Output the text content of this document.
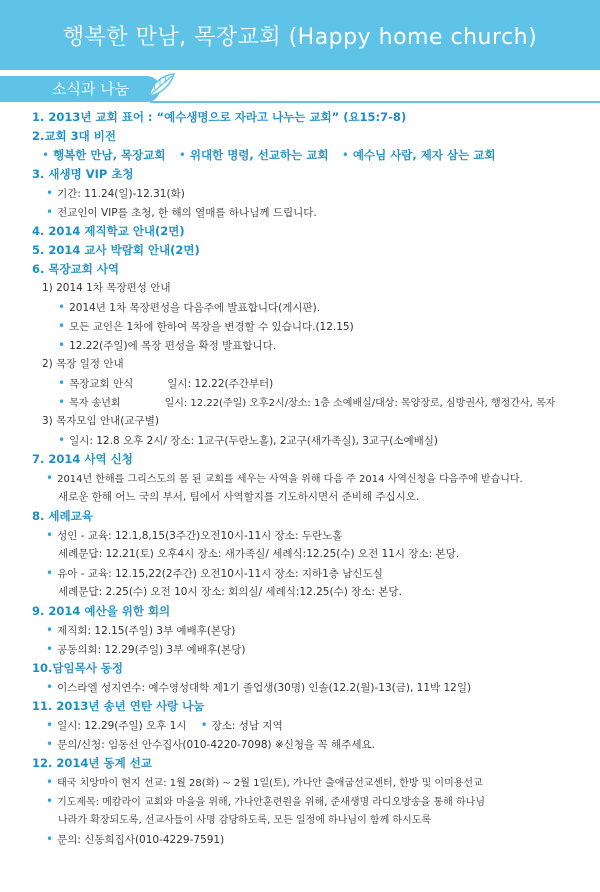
행복한 만남, 목장교회 (Happy home church)
소식과 나눔
1. 2013년 교회 표어 : “예수생명으로 자라고 나누는 교회” (요15:7-8)
2.교회 3대 비전
• 행복한 만남, 목장교회 • 위대한 명령, 선교하는 교회 • 예수님 사람, 제자 삼는 교회
3. 새생명 VIP 초청
• 기간: 11.24(일)-12.31(화)
• 전교인이 VIP를 초청, 한 해의 열매를 하나님께 드립니다.
4. 2014 제직학교 안내(2면)
5. 2014 교사 박람회 안내(2면)
6. 목장교회 사역
1) 2014 1차 목장편성 안내
• 2014년 1차 목장편성을 다음주에 발표합니다(게시판).
• 모든 교인은 1차에 한하여 목장을 변경할 수 있습니다.(12.15)
• 12.22(주일)에 목장 편성을 확정 발표합니다.
2) 목장 일정 안내
• 목장교회 안식	일시: 12.22(주간부터)
• 목자 송년회	일시: 12.22(주일) 오후2시/장소: 1층 소예배실/대상: 목양장로, 심방권사, 행정간사, 목자
3) 목자모임 안내(교구별)
• 일시: 12.8 오후 2시/ 장소: 1교구(두란노홀), 2교구(새가족실), 3교구(소예배실)
7. 2014 사역 신청
• 2014년 한해를 그리스도의 몸 된 교회를 세우는 사역을 위해 다음 주 2014 사역신청을 다음주에 받습니다.
새로운 한해 어느 국의 부서, 팀에서 사역할지를 기도하시면서 준비해 주십시오.
8. 세례교육
• 성인 - 교육: 12.1,8,15(3주간)오전10시-11시 장소: 두란노홀
세례문답: 12.21(토) 오후4시 장소: 새가족실/ 세례식:12.25(수) 오전 11시 장소: 본당.
• 유아 - 교육: 12.15,22(2주간) 오전10시-11시 장소: 지하1층 남신도실
세례문답: 2.25(수) 오전 10시 장소: 회의실/ 세례식:12.25(수) 장소: 본당.
9. 2014 예산을 위한 회의
• 제직회: 12.15(주일) 3부 예배후(본당)
• 공동의회: 12.29(주일) 3부 예배후(본당)
10.담임목사 동정
• 이스라엘 성지연수: 예수영성대학 제1기 졸업생(30명) 인솔(12.2(월)-13(금), 11박 12일)
11. 2013년 송년 연탄 사랑 나눔
• 일시: 12.29(주일) 오후 1시 • 장소: 성남 지역
• 문의/신청: 임동선 안수집사(010-4220-7098) ※신청을 꼭 해주세요.
12. 2014년 동계 선교
• 태국 치앙마이 현지 선교: 1월 28(화) ~ 2월 1일(토), 가나안 출애굽선교센터, 한방 및 이미용선교
• 기도제목: 메캄라이 교회와 마을을 위해, 가나안훈련원을 위해, 준새생명 라디오방송을 통해 하나님
나라가 확장되도록, 선교사들이 사명 감당하도록, 모든 일정에 하나님이 함께 하시도록
• 문의: 신동희집사(010-4229-7591)
